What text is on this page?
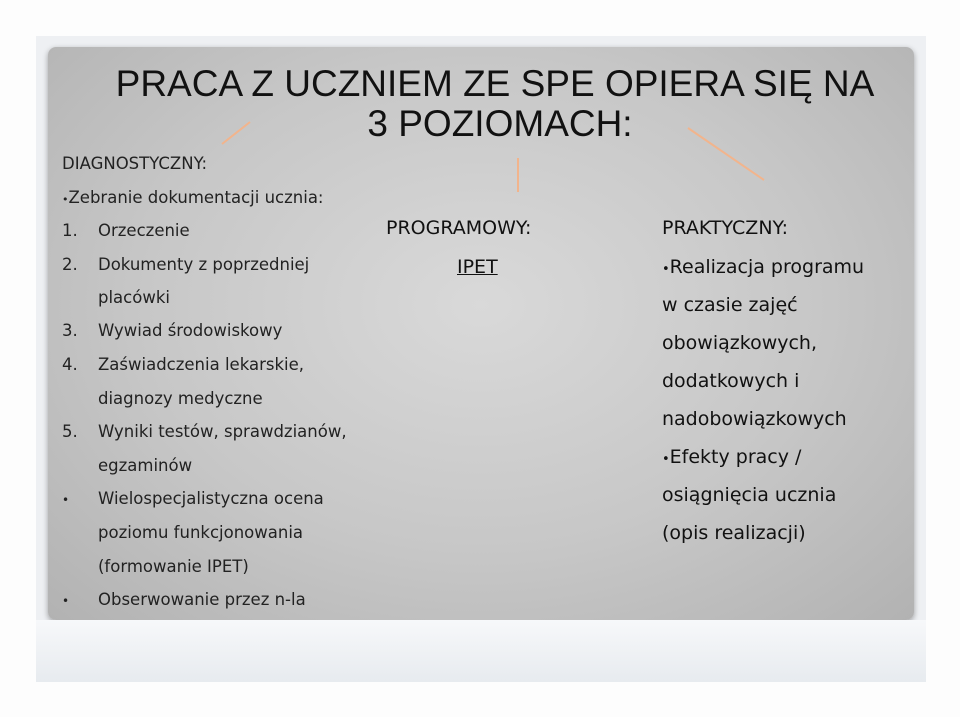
PRACA Z UCZNIEM ZE SPE OPIERA SIĘ NA
3 POZIOMACH:
DIAGNOSTYCZNY:
•Zebranie dokumentacji ucznia:
1. Orzeczenie
2. Dokumenty z poprzedniej
placówki
3. Wywiad środowiskowy
4. Zaświadczenia lekarskie,
diagnozy medyczne
5. Wyniki testów, sprawdzianów,
egzaminów
• Wielospecjalistyczna ocena
poziomu funkcjonowania
(formowanie IPET)
• Obserwowanie przez n-la
PROGRAMOWY:
IPET
PRAKTYCZNY:
•Realizacja programu
w czasie zajęć
obowiązkowych,
dodatkowych i
nadobowiązkowych
•Efekty pracy /
osiągnięcia ucznia
(opis realizacji)
